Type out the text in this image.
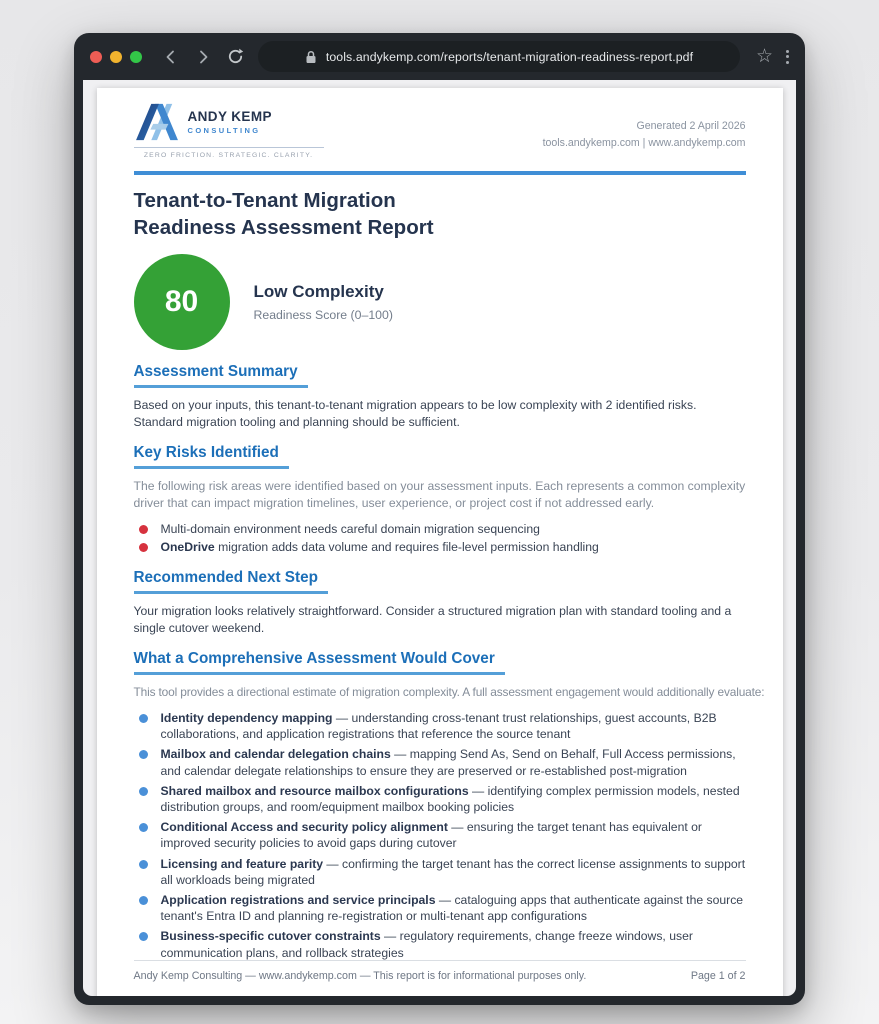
tools.andykemp.com/reports/tenant-migration-readiness-report.pdf	☆
ANDY KEMP
CONSULTING
ZERO FRICTION. STRATEGIC. CLARITY.
Generated 2 April 2026
tools.andykemp.com | www.andykemp.com
Tenant-to-Tenant Migration
Readiness Assessment Report
80	Low Complexity
Readiness Score (0–100)
Assessment Summary

Based on your inputs, this tenant-to-tenant migration appears to be low complexity with 2 identified risks. Standard migration tooling and planning should be sufficient.

Key Risks Identified

The following risk areas were identified based on your assessment inputs. Each represents a common complexity driver that can impact migration timelines, user experience, or project cost if not addressed early.

Multi-domain environment needs careful domain migration sequencing
OneDrive migration adds data volume and requires file-level permission handling
Recommended Next Step

Your migration looks relatively straightforward. Consider a structured migration plan with standard tooling and a single cutover weekend.

What a Comprehensive Assessment Would Cover

This tool provides a directional estimate of migration complexity. A full assessment engagement would additionally evaluate:

Identity dependency mapping — understanding cross-tenant trust relationships, guest accounts, B2B collaborations, and application registrations that reference the source tenant
Mailbox and calendar delegation chains — mapping Send As, Send on Behalf, Full Access permissions, and calendar delegate relationships to ensure they are preserved or re-established post-migration
Shared mailbox and resource mailbox configurations — identifying complex permission models, nested distribution groups, and room/equipment mailbox booking policies
Conditional Access and security policy alignment — ensuring the target tenant has equivalent or improved security policies to avoid gaps during cutover
Licensing and feature parity — confirming the target tenant has the correct license assignments to support all workloads being migrated
Application registrations and service principals — cataloguing apps that authenticate against the source tenant's Entra ID and planning re-registration or multi-tenant app configurations
Business-specific cutover constraints — regulatory requirements, change freeze windows, user communication plans, and rollback strategies
Andy Kemp Consulting — www.andykemp.com — This report is for informational purposes only.	Page 1 of 2
